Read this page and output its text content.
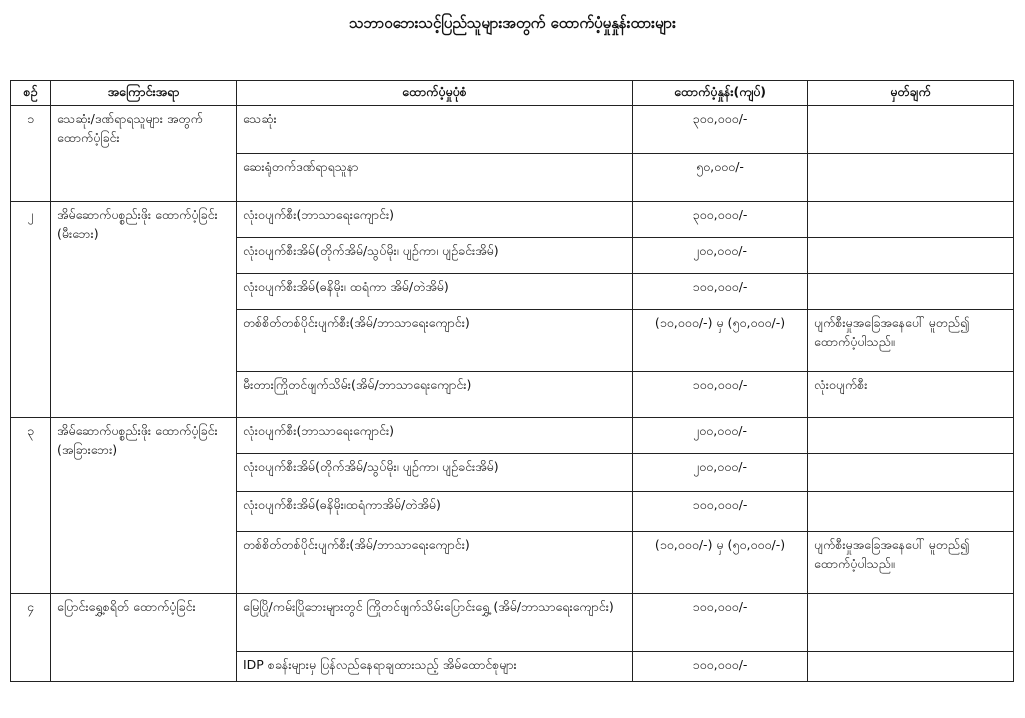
သဘာဝဘေးသင့်ပြည်သူများအတွက် ထောက်ပံ့မှုနှုန်းထားများ
စဉ်	အကြောင်းအရာ	ထောက်ပံ့မှုပုံစံ	ထောက်ပံ့နှုန်း(ကျပ်)	မှတ်ချက်
၁	သေဆုံး/ဒဏ်ရာရသူများ အတွက် ထောက်ပံ့ခြင်း	သေဆုံး	၃၀၀,၀၀၀/-	
		ဆေးရုံတက်ဒဏ်ရာရသူနာ	၅၀,၀၀၀/-	
၂	အိမ်ဆောက်ပစ္စည်းဖိုး ထောက်ပံ့ခြင်း (မီးဘေး)	လုံးဝပျက်စီး(ဘာသာရေးကျောင်း)	၃၀၀,၀၀၀/-	
		လုံးဝပျက်စီးအိမ်(တိုက်အိမ်/သွပ်မိုး၊ ပျဉ်ကာ၊ ပျဉ်ခင်းအိမ်)	၂၀၀,၀၀၀/-	
		လုံးဝပျက်စီးအိမ်(ဓနိမိုး၊ ထရံကာ အိမ်/တဲအိမ်)	၁၀၀,၀၀၀/-	
		တစ်စိတ်တစ်ပိုင်းပျက်စီး(အိမ်/ဘာသာရေးကျောင်း)	(၁၀,၀၀၀/-) မှ (၅၀,၀၀၀/-)	ပျက်စီးမှုအခြေအနေပေါ် မူတည်၍ ထောက်ပံ့ပါသည်။
		မီးတားကြိုတင်ဖျက်သိမ်း(အိမ်/ဘာသာရေးကျောင်း)	၁၀၀,၀၀၀/-	လုံးဝပျက်စီး
၃	အိမ်ဆောက်ပစ္စည်းဖိုး ထောက်ပံ့ခြင်း (အခြားဘေး)	လုံးဝပျက်စီး(ဘာသာရေးကျောင်း)	၂၀၀,၀၀၀/-	
		လုံးဝပျက်စီးအိမ်(တိုက်အိမ်/သွပ်မိုး၊ ပျဉ်ကာ၊ ပျဉ်ခင်းအိမ်)	၂၀၀,၀၀၀/-	
		လုံးဝပျက်စီးအိမ်(ဓနိမိုး၊ထရံကာအိမ်/တဲအိမ်)	၁၀၀,၀၀၀/-	
		တစ်စိတ်တစ်ပိုင်းပျက်စီး(အိမ်/ဘာသာရေးကျောင်း)	(၁၀,၀၀၀/-) မှ (၅၀,၀၀၀/-)	ပျက်စီးမှုအခြေအနေပေါ် မူတည်၍ ထောက်ပံ့ပါသည်။
၄	ပြောင်းရွှေ့စရိတ် ထောက်ပံ့ခြင်း	မြေပြို/ကမ်းပြိုဘေးများတွင် ကြိုတင်ဖျက်သိမ်းပြောင်းရွှေ့ (အိမ်/ဘာသာရေးကျောင်း)	၁၀၀,၀၀၀/-	
		IDP စခန်းများမှ ပြန်လည်နေရာချထားသည့် အိမ်ထောင်စုများ	၁၀၀,၀၀၀/-	
